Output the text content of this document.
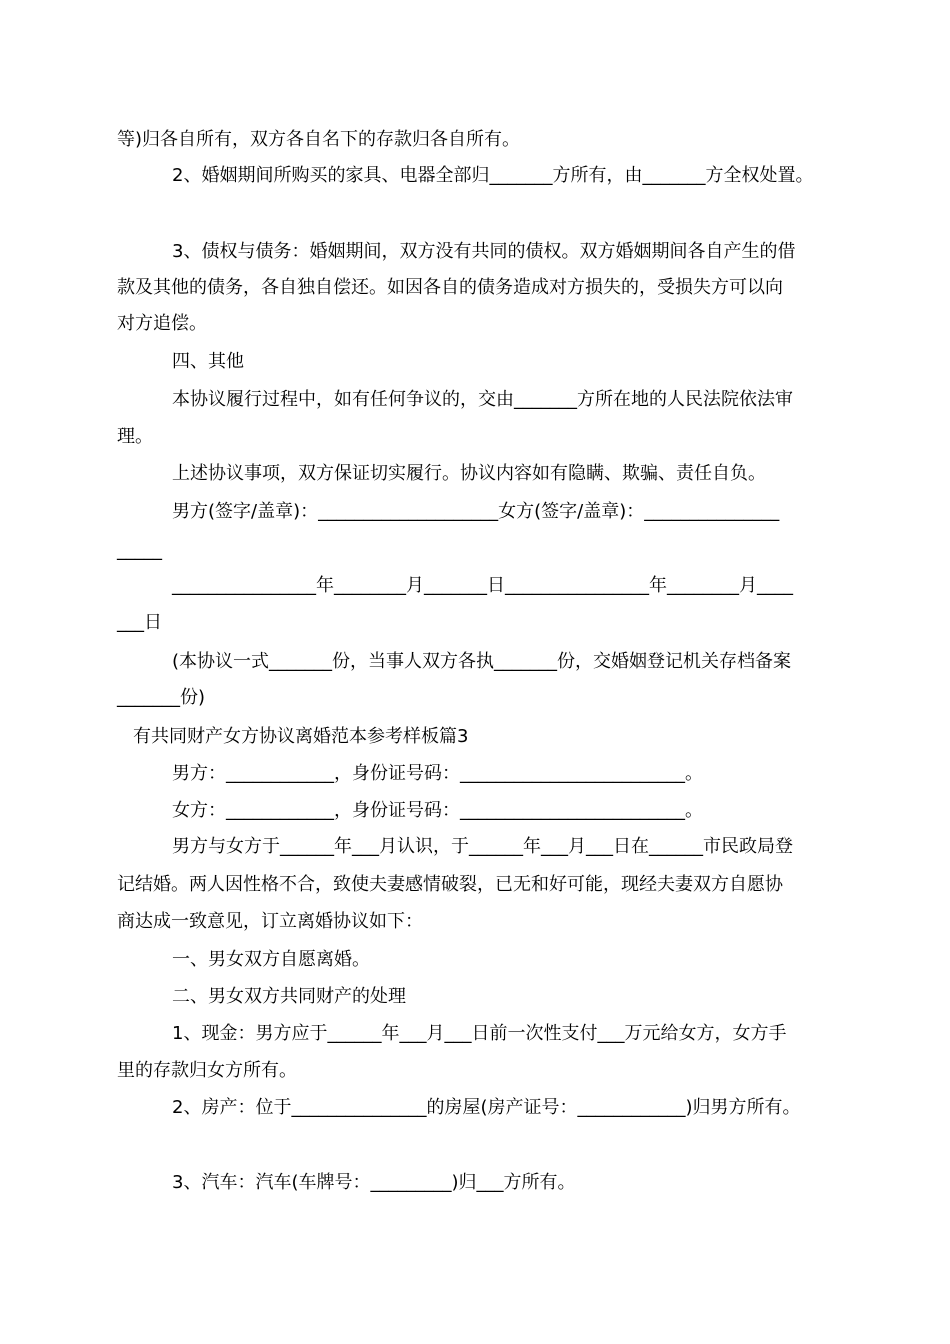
等)归各自所有，双方各自名下的存款归各自所有。
2、婚姻期间所购买的家具、电器全部归_______方所有，由_______方全权处置。
3、债权与债务：婚姻期间，双方没有共同的债权。双方婚姻期间各自产生的借
款及其他的债务，各自独自偿还。如因各自的债务造成对方损失的，受损失方可以向
对方追偿。
四、其他
本协议履行过程中，如有任何争议的，交由_______方所在地的人民法院依法审
理。
上述协议事项，双方保证切实履行。协议内容如有隐瞒、欺骗、责任自负。
男方(签字/盖章)：____________________女方(签字/盖章)：_______________
_____
________________年________月_______日________________年________月____
___日
(本协议一式_______份，当事人双方各执_______份，交婚姻登记机关存档备案
_______份)
有共同财产女方协议离婚范本参考样板篇3
男方：____________，身份证号码：_________________________。
女方：____________，身份证号码：_________________________。
男方与女方于______年___月认识，于______年___月___日在______市民政局登
记结婚。两人因性格不合，致使夫妻感情破裂，已无和好可能，现经夫妻双方自愿协
商达成一致意见，订立离婚协议如下：
一、男女双方自愿离婚。
二、男女双方共同财产的处理
1、现金：男方应于______年___月___日前一次性支付___万元给女方，女方手
里的存款归女方所有。
2、房产：位于_______________的房屋(房产证号：____________)归男方所有。
3、汽车：汽车(车牌号：_________)归___方所有。
